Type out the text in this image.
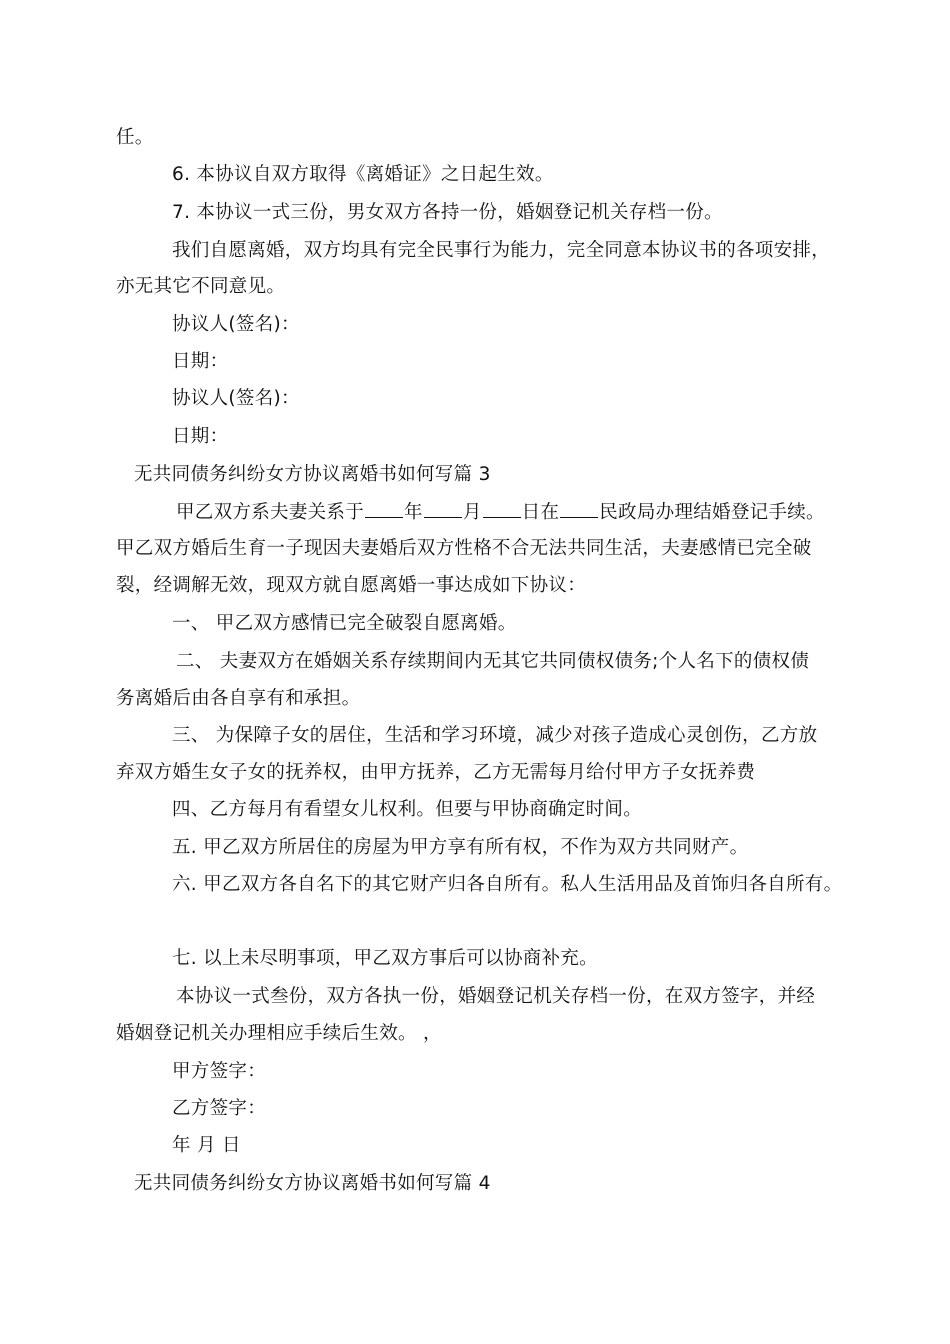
任。
6. 本协议自双方取得《离婚证》之日起生效。
7. 本协议一式三份，男女双方各持一份，婚姻登记机关存档一份。
我们自愿离婚，双方均具有完全民事行为能力，完全同意本协议书的各项安排，
亦无其它不同意见。
协议人(签名)：
日期：
协议人(签名)：
日期：
无共同债务纠纷女方协议离婚书如何写篇 3
甲乙双方系夫妻关系于 年 月 日在 民政局办理结婚登记手续。
甲乙双方婚后生育一子现因夫妻婚后双方性格不合无法共同生活，夫妻感情已完全破
裂，经调解无效，现双方就自愿离婚一事达成如下协议：
一、 甲乙双方感情已完全破裂自愿离婚。
二、 夫妻双方在婚姻关系存续期间内无其它共同债权债务;个人名下的债权债
务离婚后由各自享有和承担。
三、 为保障子女的居住，生活和学习环境，减少对孩子造成心灵创伤，乙方放
弃双方婚生女子女的抚养权，由甲方抚养，乙方无需每月给付甲方子女抚养费
四、乙方每月有看望女儿权利。但要与甲协商确定时间。
五. 甲乙双方所居住的房屋为甲方享有所有权，不作为双方共同财产。
六. 甲乙双方各自名下的其它财产归各自所有。私人生活用品及首饰归各自所有。
七. 以上未尽明事项，甲乙双方事后可以协商补充。
本协议一式叁份，双方各执一份，婚姻登记机关存档一份，在双方签字，并经
婚姻登记机关办理相应手续后生效。 ，
甲方签字：
乙方签字：
年 月 日
无共同债务纠纷女方协议离婚书如何写篇 4
